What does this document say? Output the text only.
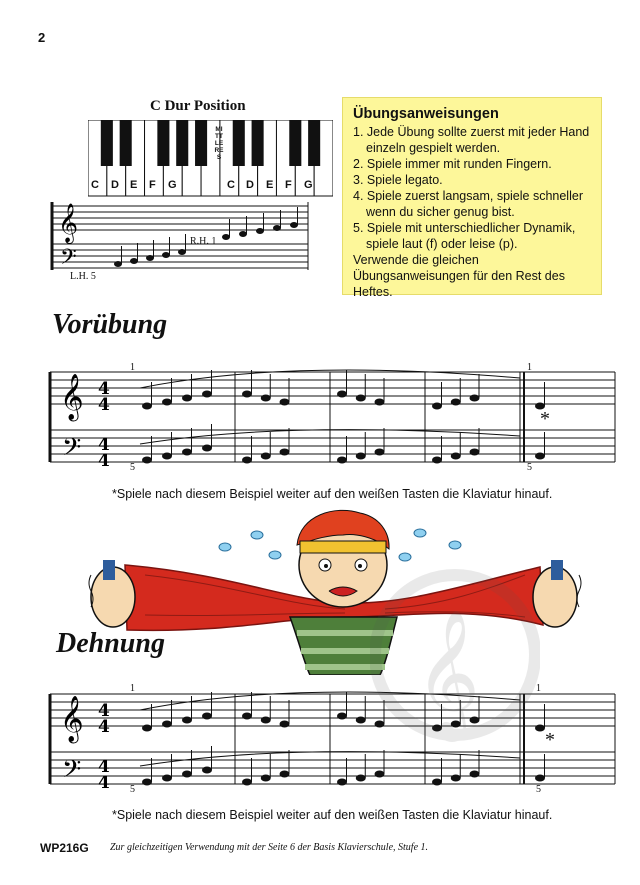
2
C Dur Position
MITTLERES
C D E F G	C D E F G
𝄞
𝄢
R.H. 1
L.H. 5
Übungsanweisungen
1. Jede Übung sollte zuerst mit jeder Hand einzeln gespielt werden.
2. Spiele immer mit runden Fingern.
3. Spiele legato.
4. Spiele zuerst langsam, spiele schneller wenn du sicher genug bist.
5. Spiele mit unterschiedlicher Dynamik, spiele laut (f) oder leise (p).
Verwende die gleichen Übungsanweisungen für den Rest des Heftes.
Vorübung
𝄞
𝄢
4
4
4
4
1
5
1
5
*
*Spiele nach diesem Beispiel weiter auf den weißen Tasten die Klaviatur hinauf.
Dehnung
𝄞
𝄢
4
4
4
4
1
5
1
5
*
*Spiele nach diesem Beispiel weiter auf den weißen Tasten die Klaviatur hinauf.
𝄞
WP216G Zur gleichzeitigen Verwendung mit der Seite 6 der Basis Klavierschule, Stufe 1.
